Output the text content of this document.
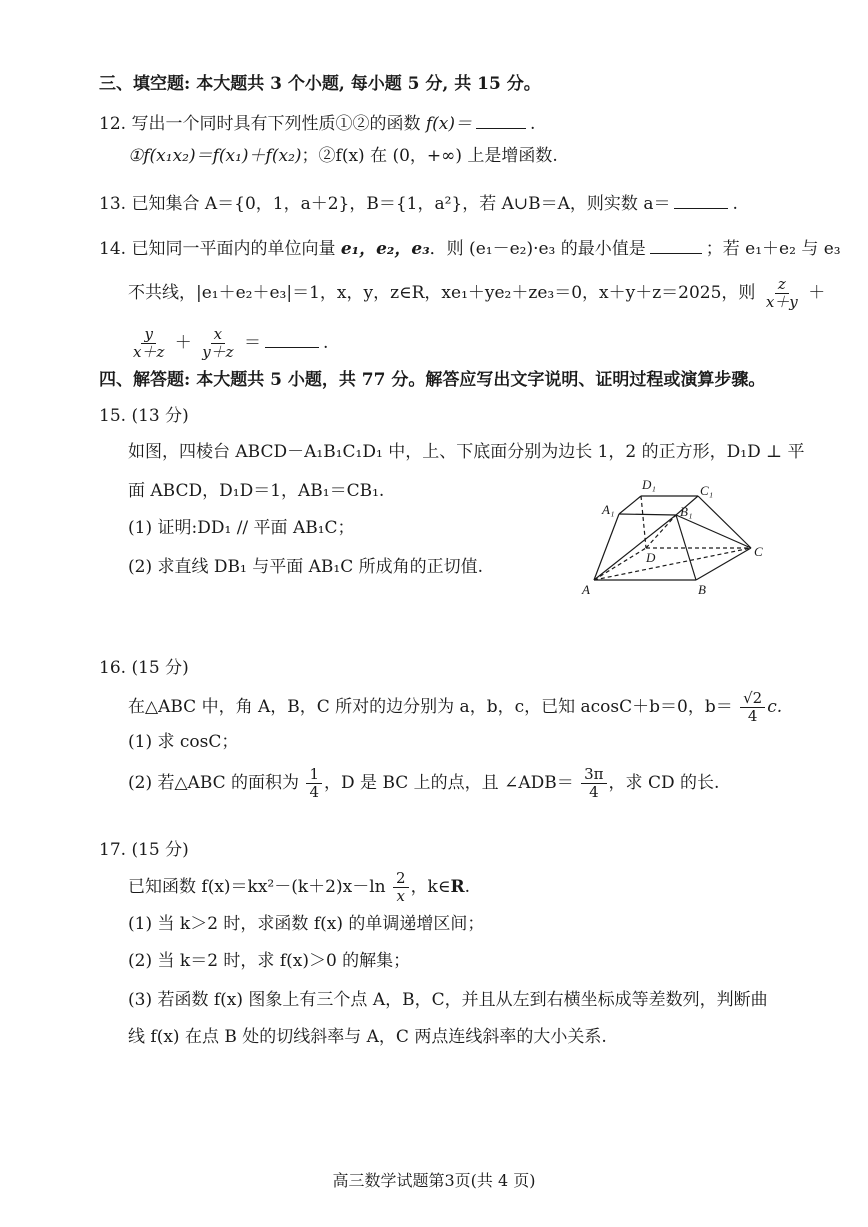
三、填空题: 本大题共 3 个小题, 每小题 5 分, 共 15 分。
12. 写出一个同时具有下列性质①②的函数 f(x)＝	.
①f(x₁x₂)＝f(x₁)＋f(x₂)；②f(x) 在 (0，+∞) 上是增函数.
13. 已知集合 A＝{0，1，a＋2}，B＝{1，a²}，若 A∪B＝A，则实数 a＝	.
14. 已知同一平面内的单位向量 e₁，e₂，e₃．则 (e₁－e₂)·e₃ 的最小值是	；若 e₁＋e₂ 与 e₃
不共线，|e₁＋e₂＋e₃|＝1，x，y，z∈R，xe₁＋ye₂＋ze₃＝0，x＋y＋z＝2025，则 $\frac{z}{x+y}$ ＋
$\frac{y}{x+z} + \frac{x}{y+z}$ ＝	.
四、解答题: 本大题共 5 小题，共 77 分。解答应写出文字说明、证明过程或演算步骤。
15. (13 分)
如图，四棱台 ABCD－A₁B₁C₁D₁ 中，上、下底面分别为边长 1，2 的正方形，D₁D ⊥ 平
面 ABCD，D₁D＝1，AB₁＝CB₁.
(1) 证明:DD₁ // 平面 AB₁C；
(2) 求直线 DB₁ 与平面 AB₁C 所成角的正切值.
D₁	C₁
A₁	B₁
D	C
A	B
16. (15 分)
在△ABC 中，角 A，B，C 所对的边分别为 a，b，c，已知 acosC＋b＝0，$b= \frac{√2}{4} c$.
(1) 求 cosC；
(2) 若△ABC 的面积为 $\frac{1}{4}$ ，D 是 BC 上的点，且 ∠ADB＝ $\frac{3\pi}{4}$ ，求 CD 的长.
17. (15 分)
已知函数 $f(x)=kx^2-(k+2)x-\ln \frac{2}{x}$ ，k∈R.
(1) 当 k＞2 时，求函数 f(x) 的单调递增区间；
(2) 当 k＝2 时，求 f(x)＞0 的解集；
(3) 若函数 f(x) 图象上有三个点 A，B，C，并且从左到右横坐标成等差数列，判断曲
线 f(x) 在点 B 处的切线斜率与 A，C 两点连线斜率的大小关系.
高三数学试题第3页(共 4 页)
